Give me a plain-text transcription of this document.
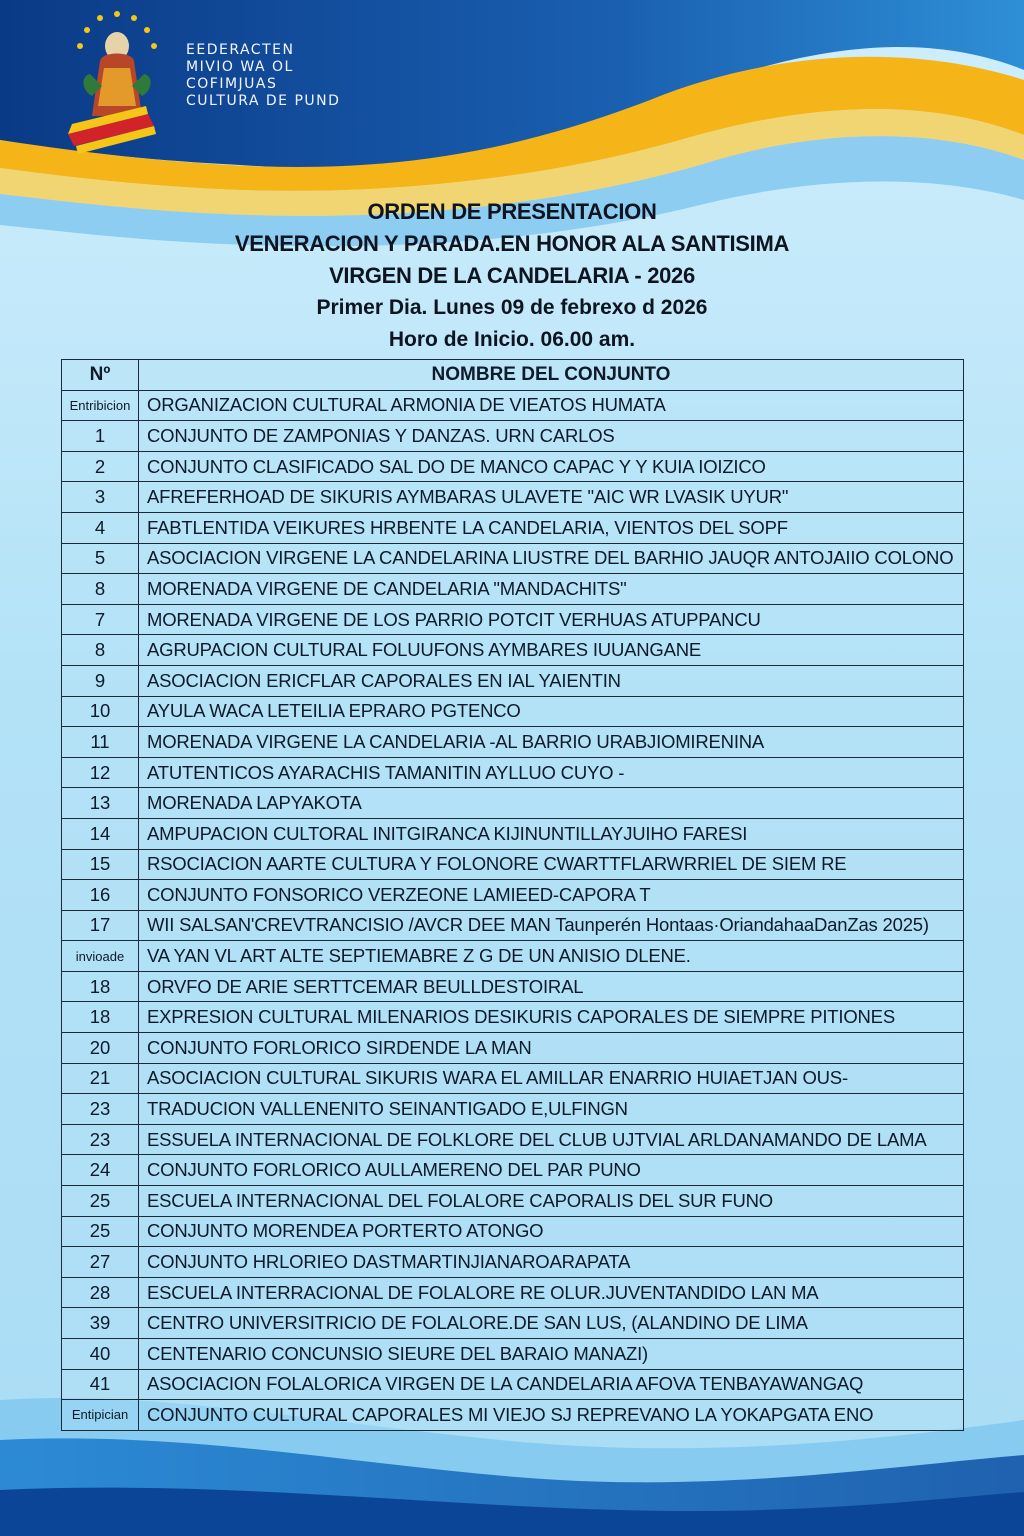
EEDERACTEN
MIVIO WA OL
COFIMJUAS
CULTURA DE PUND
ORDEN DE PRESENTACION
VENERACION Y PARADA.EN HONOR ALA SANTISIMA
VIRGEN DE LA CANDELARIA - 2026
Primer Dia. Lunes 09 de febrexo d 2026
Horo de Inicio. 06.00 am.
Nº	NOMBRE DEL CONJUNTO
Entribicion	ORGANIZACION CULTURAL ARMONIA DE VIEATOS HUMATA
1	CONJUNTO DE ZAMPONIAS Y DANZAS. URN CARLOS
2	CONJUNTO CLASIFICADO SAL DO DE MANCO CAPAC Y Y KUIA IOIZICO
3	AFREFERHOAD DE SIKURIS AYMBARAS ULAVETE "AIC WR LVASIK UYUR"
4	FABTLENTIDA VEIKURES HRBENTE LA CANDELARIA, VIENTOS DEL SOPF
5	ASOCIACION VIRGENE LA CANDELARINA LIUSTRE DEL BARHIO JAUQR ANTOJAIIO COLONO
8	MORENADA VIRGENE DE CANDELARIA "MANDACHITS"
7	MORENADA VIRGENE DE LOS PARRIO POTCIT VERHUAS ATUPPANCU
8	AGRUPACION CULTURAL FOLUUFONS AYMBARES IUUANGANE
9	ASOCIACION ERICFLAR CAPORALES EN IAL YAIENTIN
10	AYULA WACA LETEILIA EPRARO PGTENCO
11	MORENADA VIRGENE LA CANDELARIA -AL BARRIO URABJIOMIRENINA
12	ATUTENTICOS AYARACHIS TAMANITIN AYLLUO CUYO -
13	MORENADA LAPYAKOTA
14	AMPUPACION CULTORAL INITGIRANCA KIJINUNTILLAYJUIHO FARESI
15	RSOCIACION AARTE CULTURA Y FOLONORE CWARTTFLARWRRIEL DE SIEM RE
16	CONJUNTO FONSORICO VERZEONE LAMIEED-CAPORA T
17	WII SALSAN'CREVTRANCISIO /AVCR DEE MAN Taunperén Hontaas·OriandahaaDanZas 2025)
invioade	VA YAN VL ART ALTE SEPTIEMABRE Z G DE UN ANISIO DLENE.
18	ORVFO DE ARIE SERTTCEMAR BEULLDESTOIRAL
18	EXPRESION CULTURAL MILENARIOS DESIKURIS CAPORALES DE SIEMPRE PITIONES
20	CONJUNTO FORLORICO SIRDENDE LA MAN
21	ASOCIACION CULTURAL SIKURIS WARA EL AMILLAR ENARRIO HUIAETJAN OUS-
23	TRADUCION VALLENENITO SEINANTIGADO E,ULFINGN
23	ESSUELA INTERNACIONAL DE FOLKLORE DEL CLUB UJTVIAL ARLDANAMANDO DE LAMA
24	CONJUNTO FORLORICO AULLAMERENO DEL PAR PUNO
25	ESCUELA INTERNACIONAL DEL FOLALORE CAPORALIS DEL SUR FUNO
25	CONJUNTO MORENDEA PORTERTO ATONGO
27	CONJUNTO HRLORIEO DASTMARTINJIANAROARAPATA
28	ESCUELA INTERRACIONAL DE FOLALORE RE OLUR.JUVENTANDIDO LAN MA
39	CENTRO UNIVERSITRICIO DE FOLALORE.DE SAN LUS, (ALANDINO DE LIMA
40	CENTENARIO CONCUNSIO SIEURE DEL BARAIO MANAZI)
41	ASOCIACION FOLALORICA VIRGEN DE LA CANDELARIA AFOVA TENBAYAWANGAQ
Entipician	CONJUNTO CULTURAL CAPORALES MI VIEJO SJ REPREVANO LA YOKAPGATA ENO
